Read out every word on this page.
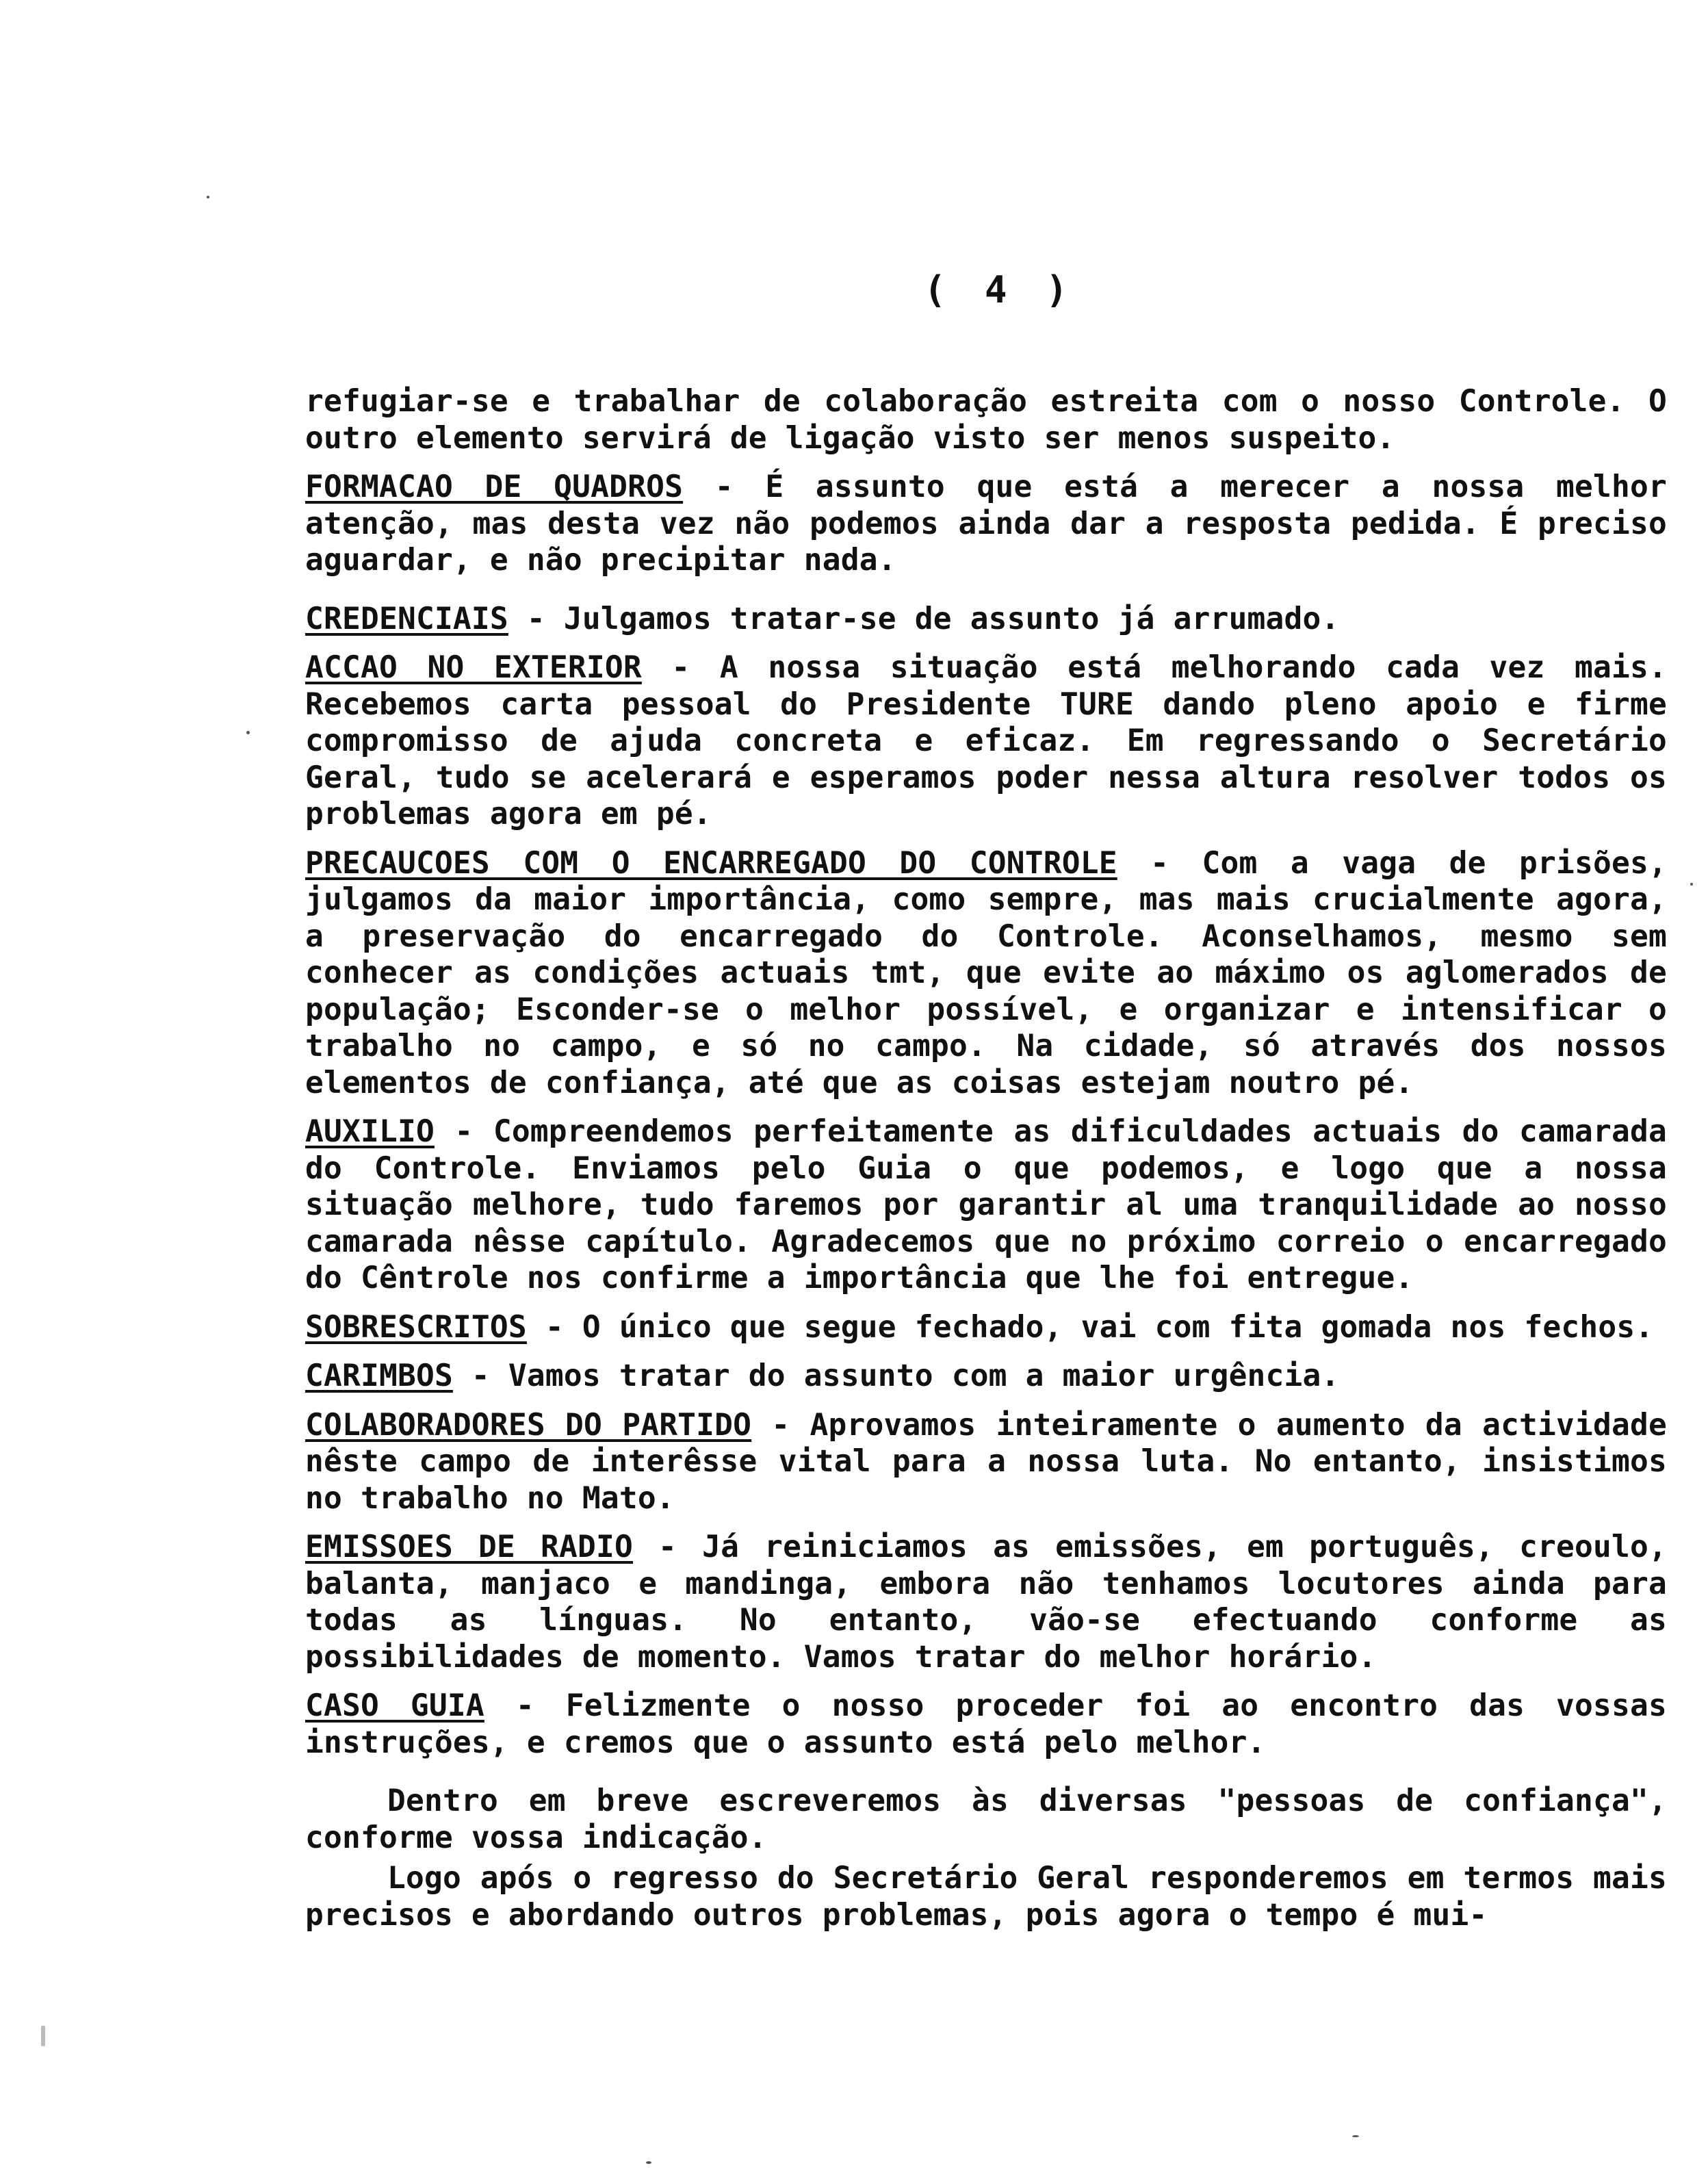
( 4 )

refugiar-se e trabalhar de colaboração estreita com o nosso Controle. O outro elemento servirá de ligação visto ser menos suspeito.

FORMACAO DE QUADROS - É assunto que está a merecer a nossa melhor atenção, mas desta vez não podemos ainda dar a resposta pedida. É preciso aguardar, e não precipitar nada.

CREDENCIAIS - Julgamos tratar-se de assunto já arrumado.

ACCAO NO EXTERIOR - A nossa situação está melhorando cada vez mais. Recebemos carta pessoal do Presidente TURE dando pleno apoio e firme compromisso de ajuda concreta e eficaz. Em regressando o Secretário Geral, tudo se acelerará e esperamos poder nessa altura resolver todos os problemas agora em pé.

PRECAUCOES COM O ENCARREGADO DO CONTROLE - Com a vaga de prisões, julgamos da maior importância, como sempre, mas mais crucialmente agora, a preservação do encarregado do Controle. Aconselhamos, mesmo sem conhecer as condições actuais tmt, que evite ao máximo os aglomerados de população; Esconder-se o melhor possível, e organizar e intensificar o trabalho no campo, e só no campo. Na cidade, só através dos nossos elementos de confiança, até que as coisas estejam noutro pé.

AUXILIO - Compreendemos perfeitamente as dificuldades actuais do camarada do Controle. Enviamos pelo Guia o que podemos, e logo que a nossa situação melhore, tudo faremos por garantir al uma tranquilidade ao nosso camarada nêsse capítulo. Agradecemos que no próximo correio o encarregado do Cêntrole nos confirme a importância que lhe foi entregue.

SOBRESCRITOS - O único que segue fechado, vai com fita gomada nos fechos.

CARIMBOS - Vamos tratar do assunto com a maior urgência.

COLABORADORES DO PARTIDO - Aprovamos inteiramente o aumento da actividade nêste campo de interêsse vital para a nossa luta. No entanto, insistimos no trabalho no Mato.

EMISSOES DE RADIO - Já reiniciamos as emissões, em português, creoulo, balanta, manjaco e mandinga, embora não tenhamos locutores ainda para todas as línguas. No entanto, vão-se efectuando conforme as possibilidades de momento. Vamos tratar do melhor horário.

CASO GUIA - Felizmente o nosso proceder foi ao encontro das vossas instruções, e cremos que o assunto está pelo melhor.

Dentro em breve escreveremos às diversas "pessoas de confiança", conforme vossa indicação.

Logo após o regresso do Secretário Geral responderemos em termos mais precisos e abordando outros problemas, pois agora o tempo é mui-
